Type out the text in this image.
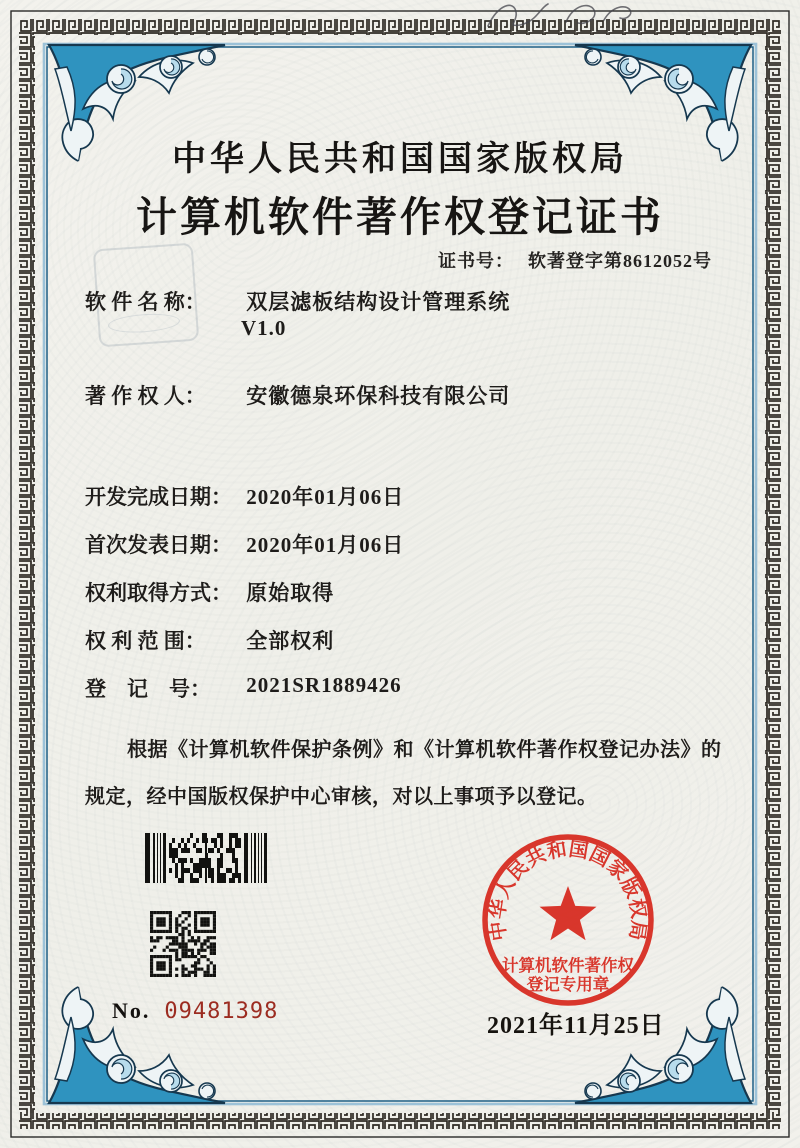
中华人民共和国国家版权局
计算机软件著作权登记证书
证书号： 软著登字第8612052号
软 件 名 称： 双层滤板结构设计管理系统
V1.0
著 作 权 人： 安徽德泉环保科技有限公司
开发完成日期： 2020年01月06日
首次发表日期： 2020年01月06日
权利取得方式： 原始取得
权 利 范 围： 全部权利
登　记　号： 2021SR1889426
根据《计算机软件保护条例》和《计算机软件著作权登记办法》的
规定，经中国版权保护中心审核，对以上事项予以登记。
No. 09481398
中华人民共和国国家版权局
计算机软件著作权
登记专用章
2021年11月25日
